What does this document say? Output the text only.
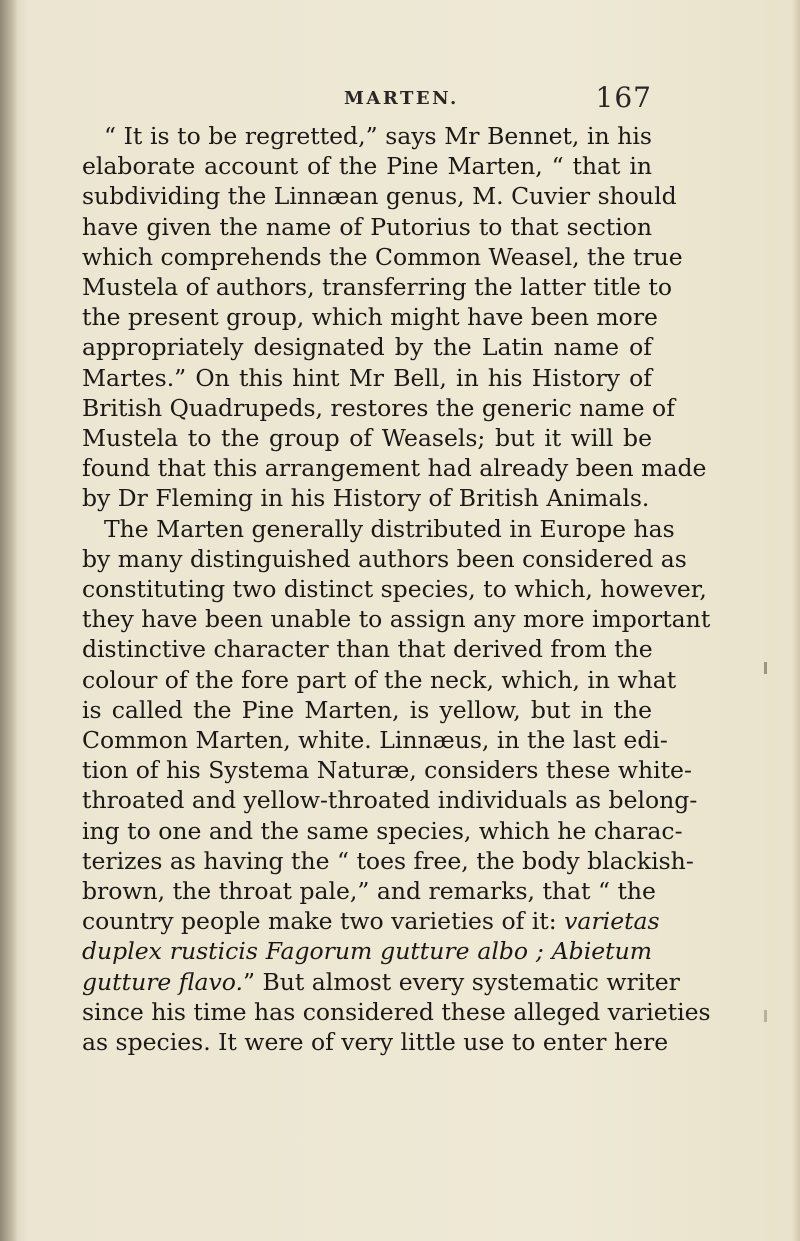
MARTEN.	167
“ It is to be regretted,” says Mr Bennet, in his
elaborate account of the Pine Marten, “ that in
subdividing the Linnæan genus, M. Cuvier should
have given the name of Putorius to that section
which comprehends the Common Weasel, the true
Mustela of authors, transferring the latter title to
the present group, which might have been more
appropriately designated by the Latin name of
Martes.” On this hint Mr Bell, in his History of
British Quadrupeds, restores the generic name of
Mustela to the group of Weasels; but it will be
found that this arrangement had already been made
by Dr Fleming in his History of British Animals.
The Marten generally distributed in Europe has
by many distinguished authors been considered as
constituting two distinct species, to which, however,
they have been unable to assign any more important
distinctive character than that derived from the
colour of the fore part of the neck, which, in what
is called the Pine Marten, is yellow, but in the
Common Marten, white. Linnæus, in the last edi-
tion of his Systema Naturæ, considers these white-
throated and yellow-throated individuals as belong-
ing to one and the same species, which he charac-
terizes as having the “ toes free, the body blackish-
brown, the throat pale,” and remarks, that “ the
country people make two varieties of it: varietas
duplex rusticis Fagorum gutture albo ; Abietum
gutture flavo.” But almost every systematic writer
since his time has considered these alleged varieties
as species. It were of very little use to enter here
